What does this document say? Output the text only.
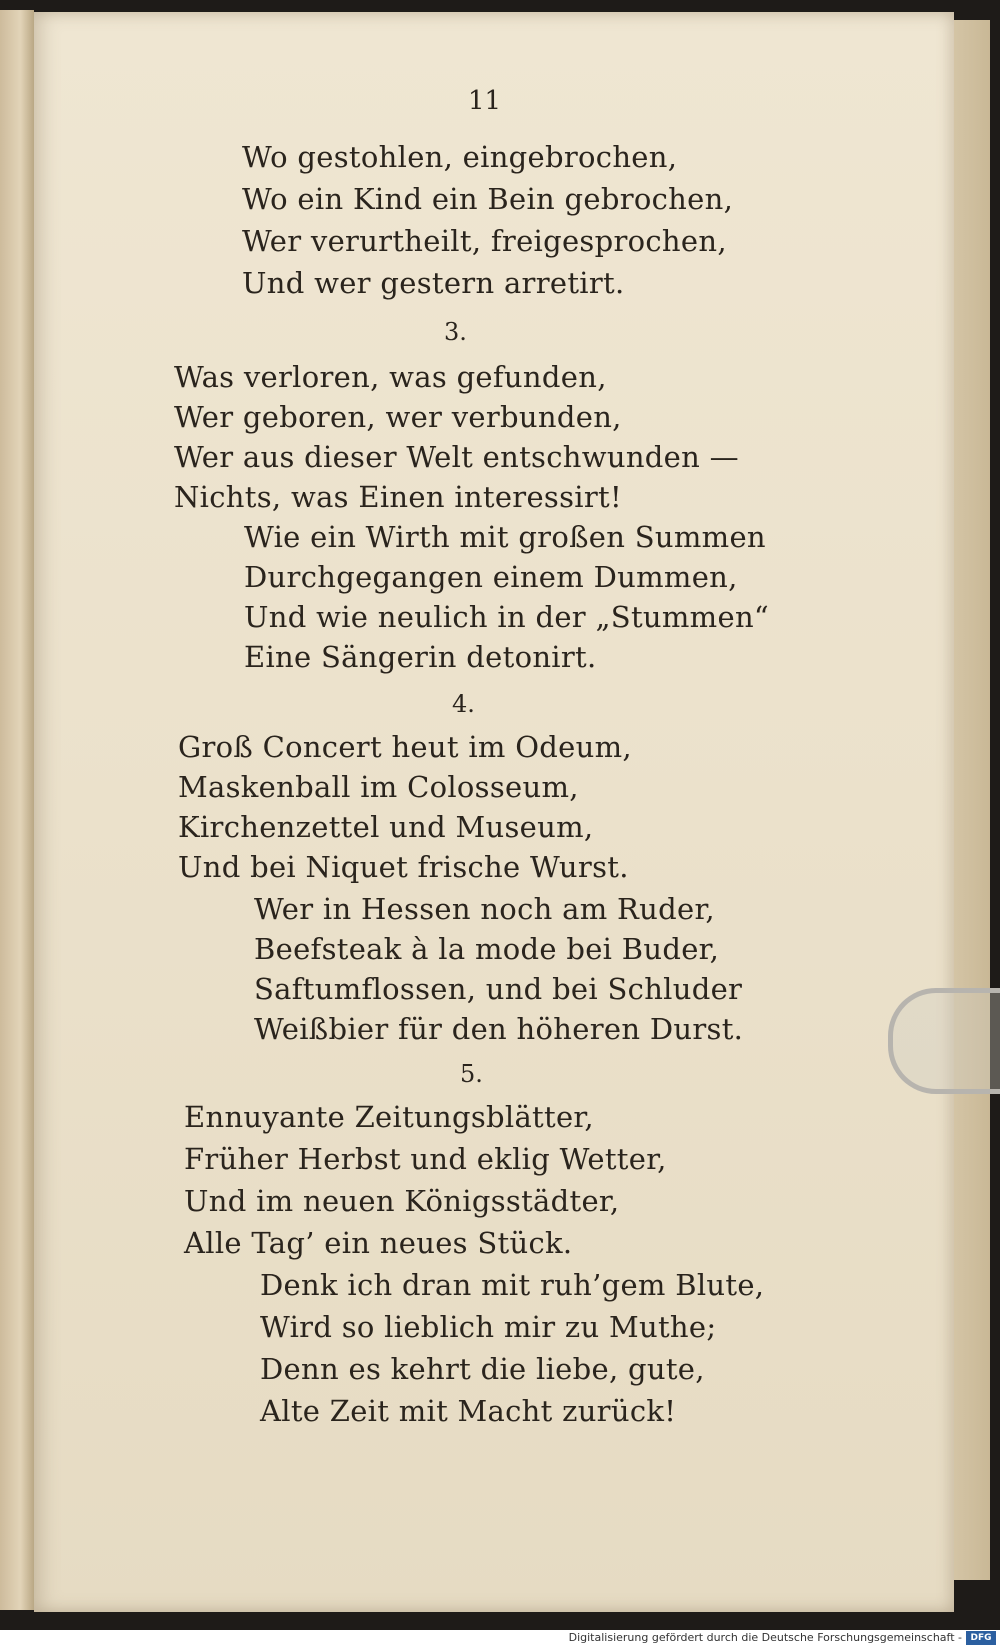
11
Wo gestohlen, eingebrochen,
Wo ein Kind ein Bein gebrochen,
Wer verurtheilt, freigesprochen,
Und wer gestern arretirt.
3.
Was verloren, was gefunden,
Wer geboren, wer verbunden,
Wer aus dieser Welt entschwunden —
Nichts, was Einen interessirt!
Wie ein Wirth mit großen Summen
Durchgegangen einem Dummen,
Und wie neulich in der „Stummen“
Eine Sängerin detonirt.
4.
Groß Concert heut im Odeum,
Maskenball im Colosseum,
Kirchenzettel und Museum,
Und bei Niquet frische Wurst.
Wer in Hessen noch am Ruder,
Beefsteak à la mode bei Buder,
Saftumflossen, und bei Schluder
Weißbier für den höheren Durst.
5.
Ennuyante Zeitungsblätter,
Früher Herbst und eklig Wetter,
Und im neuen Königsstädter,
Alle Tag’ ein neues Stück.
Denk ich dran mit ruh’gem Blute,
Wird so lieblich mir zu Muthe;
Denn es kehrt die liebe, gute,
Alte Zeit mit Macht zurück!
Digitalisierung gefördert durch die Deutsche Forschungsgemeinschaft - DFG
